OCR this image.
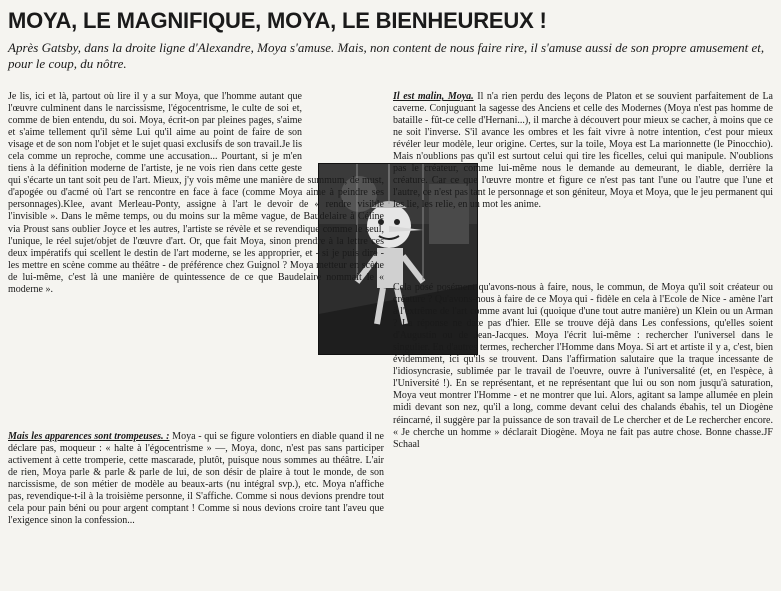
MOYA, LE MAGNIFIQUE, MOYA, LE BIENHEUREUX !
Après Gatsby, dans la droite ligne d'Alexandre, Moya s'amuse. Mais, non content de nous faire rire, il s'amuse aussi de son propre amusement et, pour le coup, du nôtre.

Je lis, ici et là, partout où lire il y a sur Moya, que l'homme autant que l'œuvre culminent dans le narcissisme, l'égocentrisme, le culte de soi et, comme de bien entendu, du soi. Moya, écrit-on par pleines pages, s'aime et s'aime tellement qu'il sème Lui qu'il aime au point de faire de son visage et de son nom l'objet et le sujet quasi exclusifs de son travail.Je lis cela comme un reproche, comme une accusation... Pourtant, si je m'en tiens à la définition moderne de l'artiste, je ne vois rien dans cette geste qui s'écarte un tant soit peu de l'art. Mieux, j'y vois même une manière de summum, de must, d'apogée ou d'acmé où l'art se rencontre en face à face (comme Moya aime à peindre ses personnages).Klee, avant Merleau-Ponty, assigne à l'art le devoir de « rendre visible l'invisible ». Dans le même temps, ou du moins sur la même vague, de Baudelaire à Céline via Proust sans oublier Joyce et les autres, l'artiste se révèle et se revendique comme le seul, l'unique, le réel sujet/objet de l'œuvre d'art. Or, que fait Moya, sinon prendre à la lettre ces deux impératifs qui scellent le destin de l'art moderne, se les approprier, et - si je puis dire - les mettre en scène comme au théâtre - de préférence chez Guignol ? Moya metteur en scène de lui-même, c'est là une manière de quintessence de ce que Baudelaire nommait le « moderne ».

Mais les apparences sont trompeuses. : Moya - qui se figure volontiers en diable quand il ne déclare pas, moqueur : « halte à l'égocentrisme » —, Moya, donc, n'est pas sans participer activement à cette tromperie, cette mascarade, plutôt, puisque nous sommes au théâtre. L'air de rien, Moya parle & parle & parle de lui, de son désir de plaire à tout le monde, de son narcissisme, de son métier de modèle au beaux-arts (nu intégral svp.), etc. Moya n'affiche pas, revendique-t-il à la troisième personne, il S'affiche. Comme si nous devions prendre tout cela pour pain béni ou pour argent comptant ! Comme si nous devions croire tant l'aveu que l'exigence sinon la confession...

Il est malin, Moya. Il n'a rien perdu des leçons de Platon et se souvient parfaitement de La caverne. Conjuguant la sagesse des Anciens et celle des Modernes (Moya n'est pas homme de bataille - fût-ce celle d'Hernani...), il marche à découvert pour mieux se cacher, à moins que ce ne soit l'inverse. S'il avance les ombres et les fait vivre à notre intention, c'est pour mieux révéler leur modèle, leur origine. Certes, sur la toile, Moya est La marionnette (le Pinocchio). Mais n'oublions pas qu'il est surtout celui qui tire les ficelles, celui qui manipule. N'oublions pas le créateur, comme lui-même nous le demande au demeurant, le diable, derrière la créature. Car ce que l'œuvre montre et figure ce n'est pas tant l'une ou l'autre que l'une et l'autre, ce n'est pas tant le personnage et son géniteur, Moya et Moya, que le jeu permanent qui les lie, les relie, en un mot les anime.

Cela posé posément qu'avons-nous à faire, nous, le commun, de Moya qu'il soit créateur ou créature ? Qu'avons-nous à faire de ce Moya qui - fidèle en cela à l'Ecole de Nice - amène l'art à l'extrême de l'art comme avant lui (quoique d'une tout autre manière) un Klein ou un Arman ? La réponse ne date pas d'hier. Elle se trouve déjà dans Les confessions, qu'elles soient d'Augustin ou de Jean-Jacques. Moya l'écrit lui-même : rechercher l'universel dans le singulier. En d'autres termes, rechercher l'Homme dans Moya. Si art et artiste il y a, c'est, bien évidemment, ici qu'ils se trouvent. Dans l'affirmation salutaire que la traque incessante de l'idiosyncrasie, sublimée par le travail de l'oeuvre, ouvre à l'universalité (et, en l'espèce, à l'Université !). En se représentant, et ne représentant que lui ou son nom jusqu'à saturation, Moya veut montrer l'Homme - et ne montrer que lui. Alors, agitant sa lampe allumée en plein midi devant son nez, qu'il a long, comme devant celui des chalands ébahis, tel un Diogène réincarné, il suggère par la puissance de son travail de Le chercher et de Le rechercher encore. « Je cherche un homme » déclarait Diogène. Moya ne fait pas autre chose. Bonne chasse.JF Schaal
